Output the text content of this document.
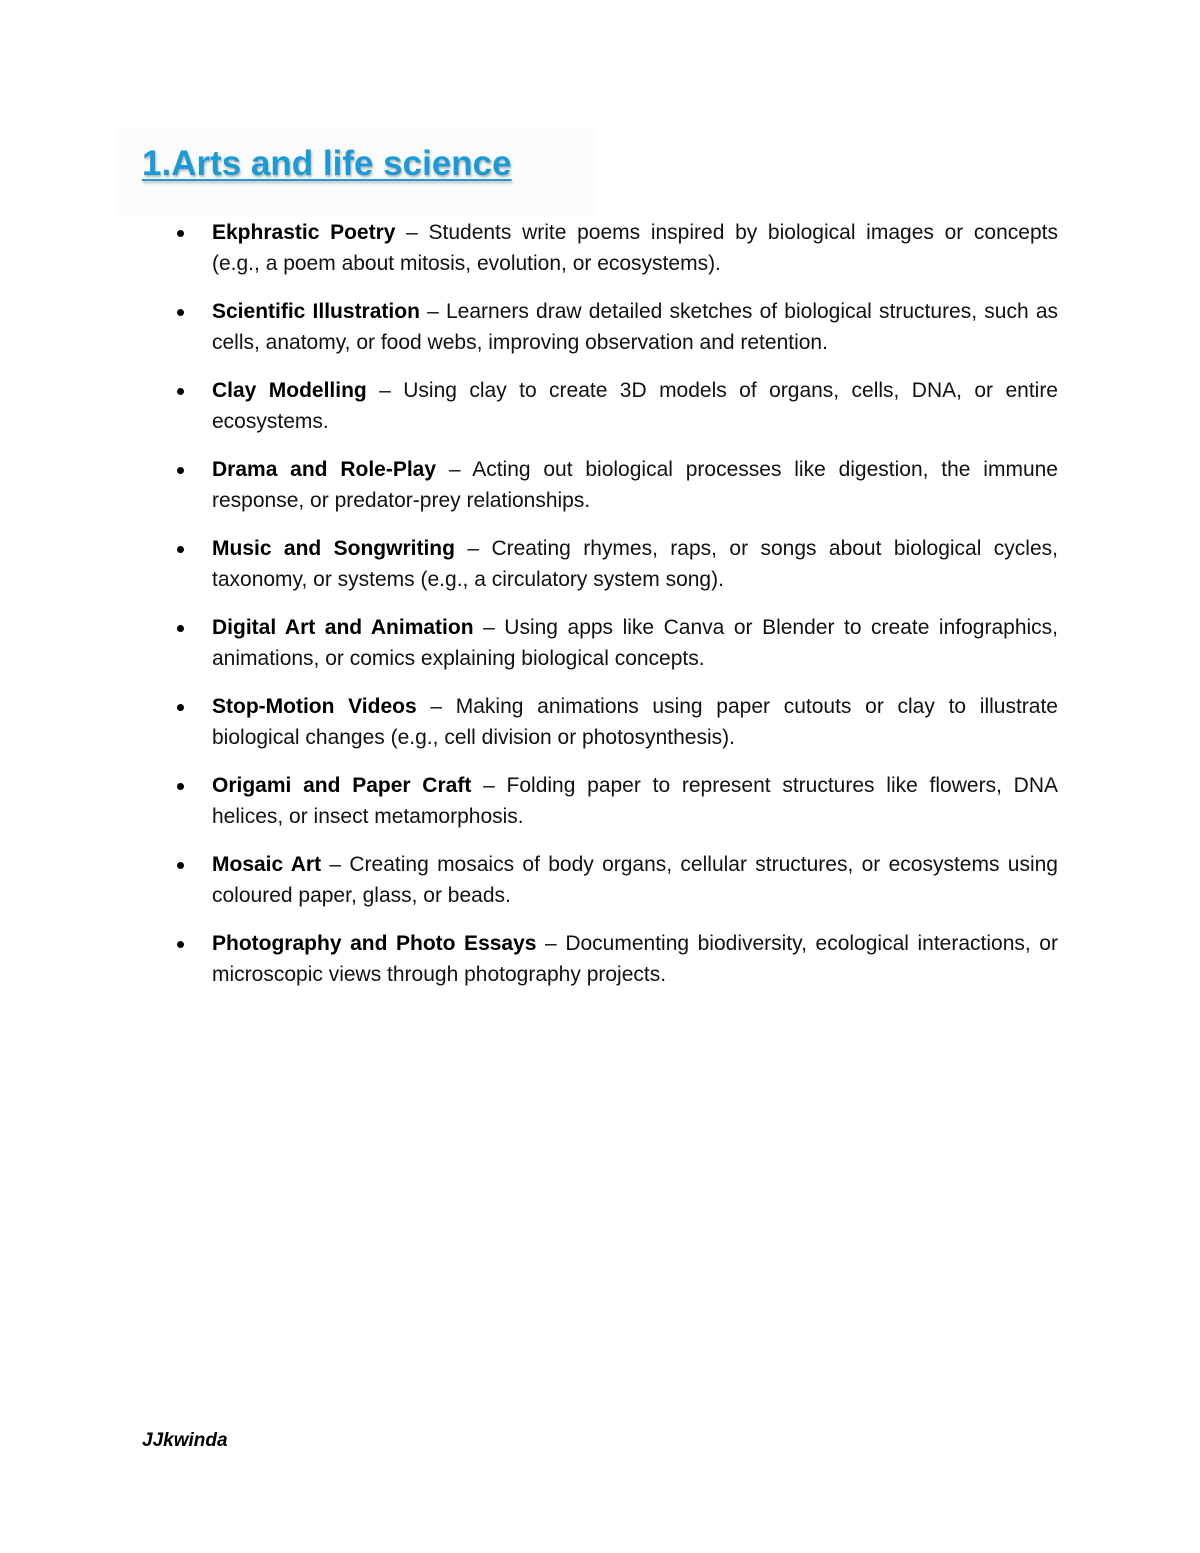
1.Arts and life science
Ekphrastic Poetry – Students write poems inspired by biological images or concepts (e.g., a poem about mitosis, evolution, or ecosystems).
Scientific Illustration – Learners draw detailed sketches of biological structures, such as cells, anatomy, or food webs, improving observation and retention.
Clay Modelling – Using clay to create 3D models of organs, cells, DNA, or entire ecosystems.
Drama and Role-Play – Acting out biological processes like digestion, the immune response, or predator-prey relationships.
Music and Songwriting – Creating rhymes, raps, or songs about biological cycles, taxonomy, or systems (e.g., a circulatory system song).
Digital Art and Animation – Using apps like Canva or Blender to create infographics, animations, or comics explaining biological concepts.
Stop-Motion Videos – Making animations using paper cutouts or clay to illustrate biological changes (e.g., cell division or photosynthesis).
Origami and Paper Craft – Folding paper to represent structures like flowers, DNA helices, or insect metamorphosis.
Mosaic Art – Creating mosaics of body organs, cellular structures, or ecosystems using coloured paper, glass, or beads.
Photography and Photo Essays – Documenting biodiversity, ecological interactions, or microscopic views through photography projects.
JJkwinda
